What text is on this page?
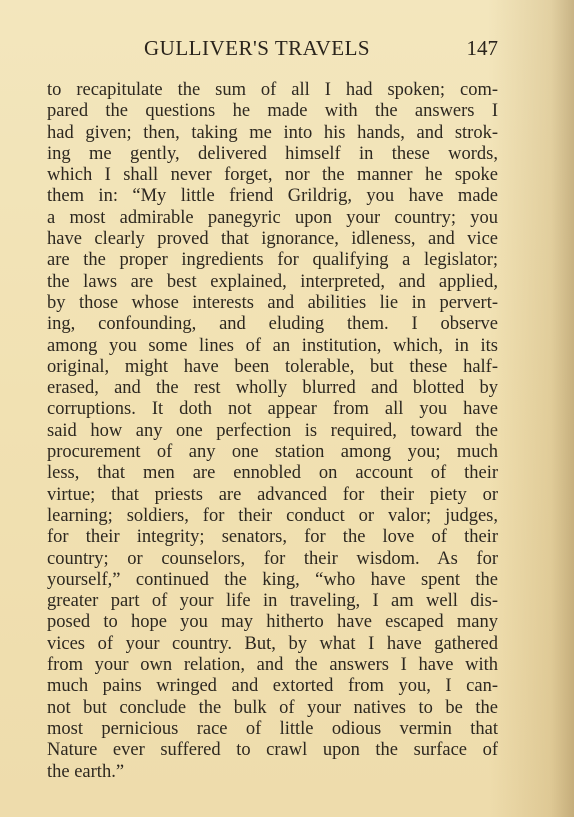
GULLIVER'S TRAVELS	147
to recapitulate the sum of all I had spoken; com-
pared the questions he made with the answers I
had given; then, taking me into his hands, and strok-
ing me gently, delivered himself in these words,
which I shall never forget, nor the manner he spoke
them in: “My little friend Grildrig, you have made
a most admirable panegyric upon your country; you
have clearly proved that ignorance, idleness, and vice
are the proper ingredients for qualifying a legislator;
the laws are best explained, interpreted, and applied,
by those whose interests and abilities lie in pervert-
ing, confounding, and eluding them. I observe
among you some lines of an institution, which, in its
original, might have been tolerable, but these half-
erased, and the rest wholly blurred and blotted by
corruptions. It doth not appear from all you have
said how any one perfection is required, toward the
procurement of any one station among you; much
less, that men are ennobled on account of their
virtue; that priests are advanced for their piety or
learning; soldiers, for their conduct or valor; judges,
for their integrity; senators, for the love of their
country; or counselors, for their wisdom. As for
yourself,” continued the king, “who have spent the
greater part of your life in traveling, I am well dis-
posed to hope you may hitherto have escaped many
vices of your country. But, by what I have gathered
from your own relation, and the answers I have with
much pains wringed and extorted from you, I can-
not but conclude the bulk of your natives to be the
most pernicious race of little odious vermin that
Nature ever suffered to crawl upon the surface of
the earth.”
